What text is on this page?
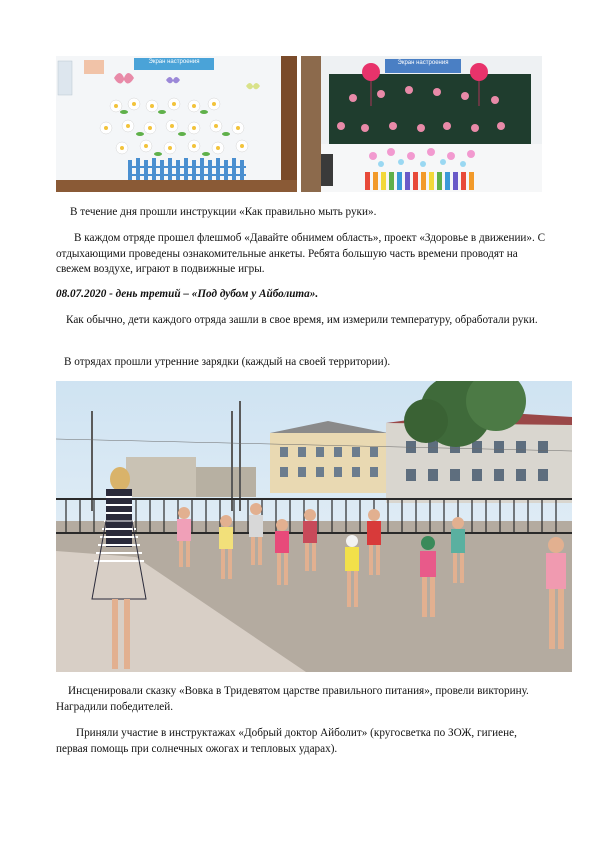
Экран настроения	Экран настроения

В течение дня прошли инструкции «Как правильно мыть руки».

В каждом отряде прошел флешмоб «Давайте обнимем область», проект «Здоровье в движении». С отдыхающими проведены ознакомительные анкеты. Ребята большую часть времени проводят на свежем воздухе, играют в подвижные игры.

08.07.2020 - день третий – «Под дубом у Айболита».

Как обычно, дети каждого отряда зашли в свое время, им измерили температуру, обработали руки.

В отрядах прошли утренние зарядки (каждый на своей территории).

Инсценировали сказку «Вовка в Тридевятом царстве правильного питания», провели викторину. Наградили победителей.

Приняли участие в инструктажах «Добрый доктор Айболит» (кругосветка по ЗОЖ, гигиене, первая помощь при солнечных ожогах и тепловых ударах).
